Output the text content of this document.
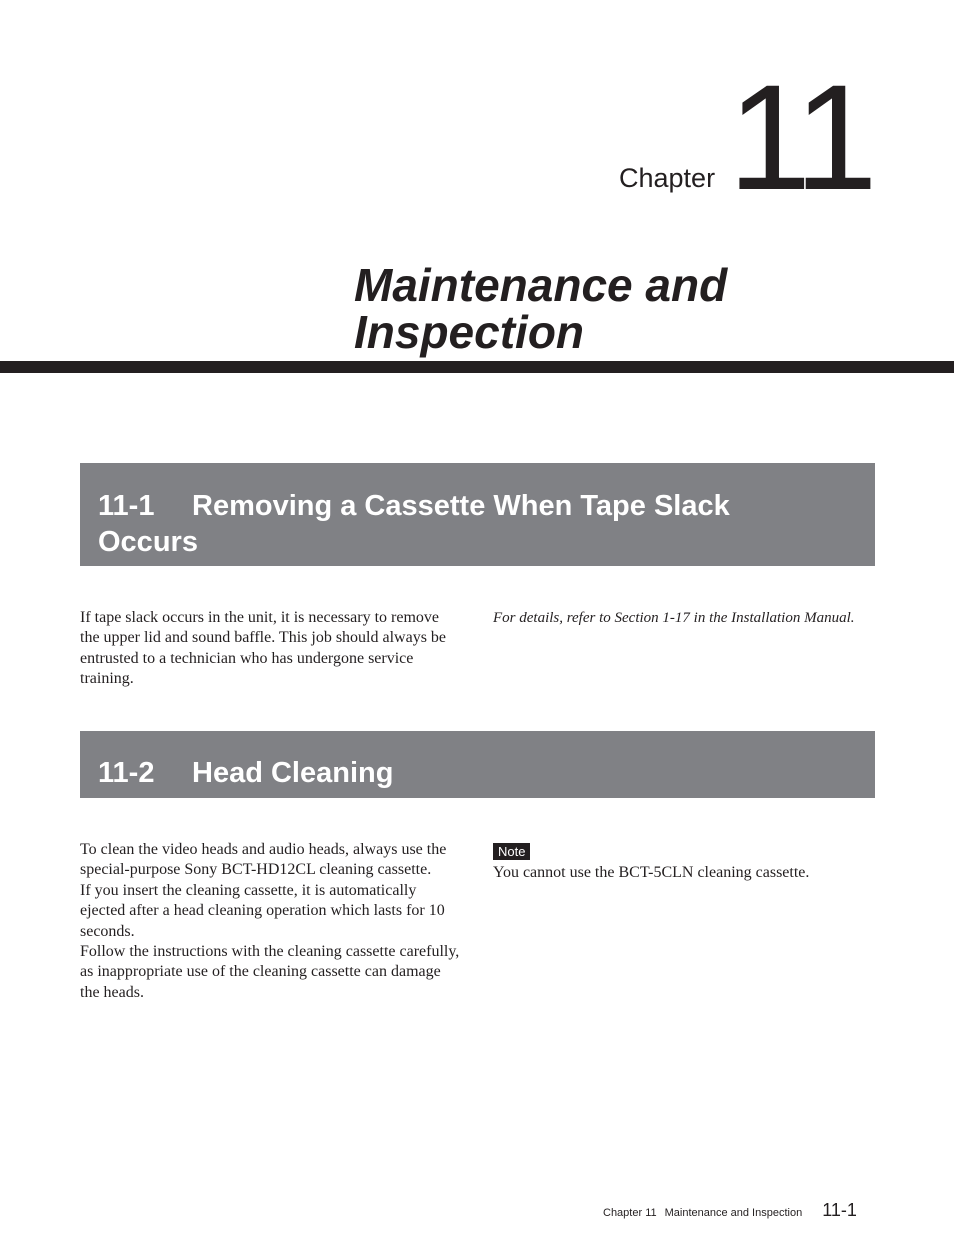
Chapter 11
Maintenance and
Inspection
11-1 Removing a Cassette When Tape Slack
Occurs

If tape slack occurs in the unit, it is necessary to remove the upper lid and sound baffle. This job should always be entrusted to a technician who has undergone service training.

For details, refer to Section 1-17 in the Installation Manual.
11-2 Head Cleaning

To clean the video heads and audio heads, always use the special-purpose Sony BCT-HD12CL cleaning cassette.

If you insert the cleaning cassette, it is automatically ejected after a head cleaning operation which lasts for 10 seconds.

Follow the instructions with the cleaning cassette carefully, as inappropriate use of the cleaning cassette can damage the heads.

Note
You cannot use the BCT-5CLN cleaning cassette.
Chapter 11 Maintenance and Inspection 11-1
